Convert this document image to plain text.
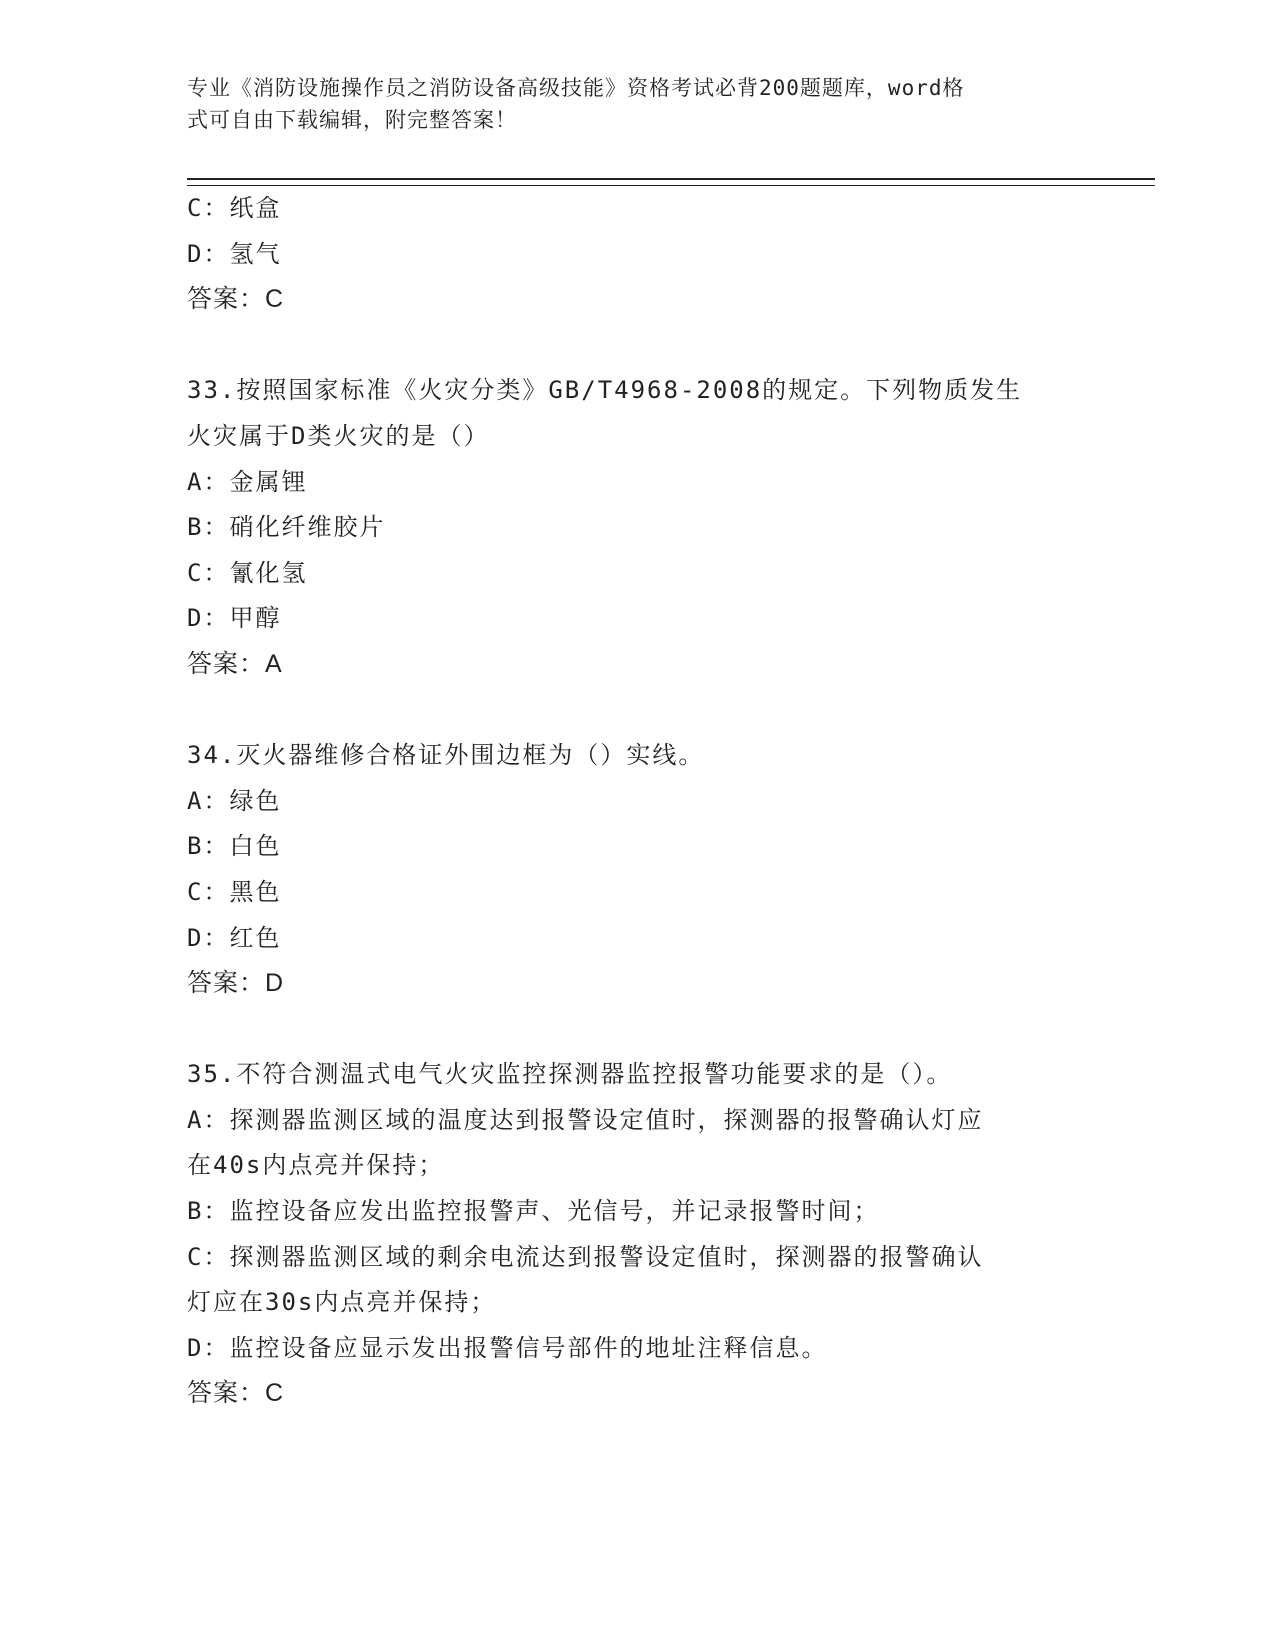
专业《消防设施操作员之消防设备高级技能》资格考试必背200题题库，word格
式可自由下载编辑，附完整答案！
C：纸盒
D：氢气
答案：C
33.按照国家标准《火灾分类》GB/T4968-2008的规定。下列物质发生
火灾属于D类火灾的是（）
A：金属锂
B：硝化纤维胶片
C：氰化氢
D：甲醇
答案：A
34.灭火器维修合格证外围边框为（）实线。
A：绿色
B：白色
C：黑色
D：红色
答案：D
35.不符合测温式电气火灾监控探测器监控报警功能要求的是（）。
A：探测器监测区域的温度达到报警设定值时，探测器的报警确认灯应
在40s内点亮并保持；
B：监控设备应发出监控报警声、光信号，并记录报警时间；
C：探测器监测区域的剩余电流达到报警设定值时，探测器的报警确认
灯应在30s内点亮并保持；
D：监控设备应显示发出报警信号部件的地址注释信息。
答案：C
